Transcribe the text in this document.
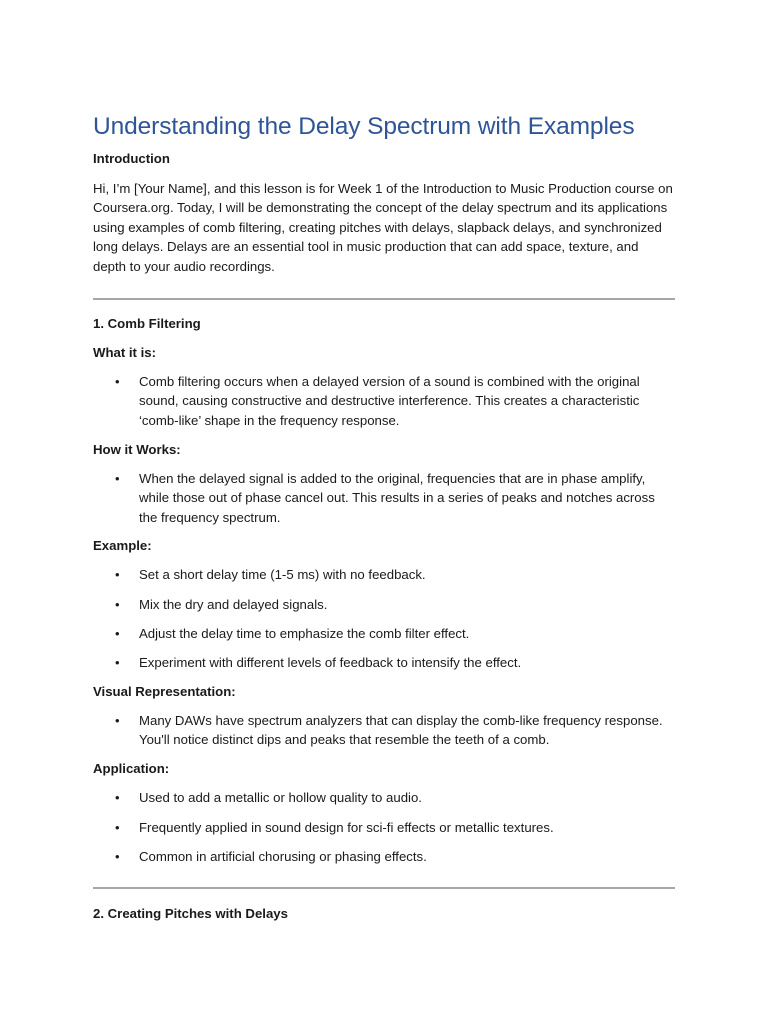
Understanding the Delay Spectrum with Examples

Introduction

Hi, I’m [Your Name], and this lesson is for Week 1 of the Introduction to Music Production course on Coursera.org. Today, I will be demonstrating the concept of the delay spectrum and its applications using examples of comb filtering, creating pitches with delays, slapback delays, and synchronized long delays. Delays are an essential tool in music production that can add space, texture, and depth to your audio recordings.

1. Comb Filtering

What it is:

• Comb filtering occurs when a delayed version of a sound is combined with the original sound, causing constructive and destructive interference. This creates a characteristic ‘comb-like’ shape in the frequency response.

How it Works:

• When the delayed signal is added to the original, frequencies that are in phase amplify, while those out of phase cancel out. This results in a series of peaks and notches across the frequency spectrum.

Example:

• Set a short delay time (1-5 ms) with no feedback.
• Mix the dry and delayed signals.
• Adjust the delay time to emphasize the comb filter effect.
• Experiment with different levels of feedback to intensify the effect.

Visual Representation:

• Many DAWs have spectrum analyzers that can display the comb-like frequency response. You'll notice distinct dips and peaks that resemble the teeth of a comb.

Application:

• Used to add a metallic or hollow quality to audio.
• Frequently applied in sound design for sci-fi effects or metallic textures.
• Common in artificial chorusing or phasing effects.

2. Creating Pitches with Delays
